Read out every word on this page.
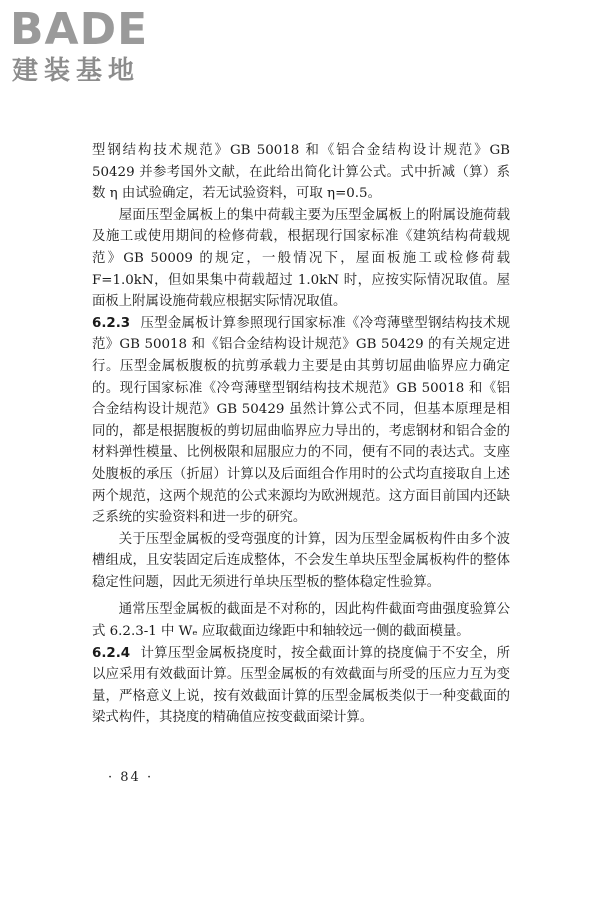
BADE
建装基地

型钢结构技术规范》GB 50018 和《铝合金结构设计规范》GB 50429 并参考国外文献，在此给出简化计算公式。式中折减（算）系数 η 由试验确定，若无试验资料，可取 η=0.5。

屋面压型金属板上的集中荷载主要为压型金属板上的附属设施荷载及施工或使用期间的检修荷载，根据现行国家标准《建筑结构荷载规范》GB 50009 的规定，一般情况下，屋面板施工或检修荷载 F=1.0kN，但如果集中荷载超过 1.0kN 时，应按实际情况取值。屋面板上附属设施荷载应根据实际情况取值。

6.2.3 压型金属板计算参照现行国家标准《冷弯薄壁型钢结构技术规范》GB 50018 和《铝合金结构设计规范》GB 50429 的有关规定进行。压型金属板腹板的抗剪承载力主要是由其剪切屈曲临界应力确定的。现行国家标准《冷弯薄壁型钢结构技术规范》GB 50018 和《铝合金结构设计规范》GB 50429 虽然计算公式不同，但基本原理是相同的，都是根据腹板的剪切屈曲临界应力导出的，考虑钢材和铝合金的材料弹性模量、比例极限和屈服应力的不同，便有不同的表达式。支座处腹板的承压（折屈）计算以及后面组合作用时的公式均直接取自上述两个规范，这两个规范的公式来源均为欧洲规范。这方面目前国内还缺乏系统的实验资料和进一步的研究。

关于压型金属板的受弯强度的计算，因为压型金属板构件由多个波槽组成，且安装固定后连成整体，不会发生单块压型金属板构件的整体稳定性问题，因此无须进行单块压型板的整体稳定性验算。

通常压型金属板的截面是不对称的，因此构件截面弯曲强度验算公式 6.2.3-1 中 Wₑ 应取截面边缘距中和轴较远一侧的截面模量。

6.2.4 计算压型金属板挠度时，按全截面计算的挠度偏于不安全，所以应采用有效截面计算。压型金属板的有效截面与所受的压应力互为变量，严格意义上说，按有效截面计算的压型金属板类似于一种变截面的梁式构件，其挠度的精确值应按变截面梁计算。

· 84 ·
